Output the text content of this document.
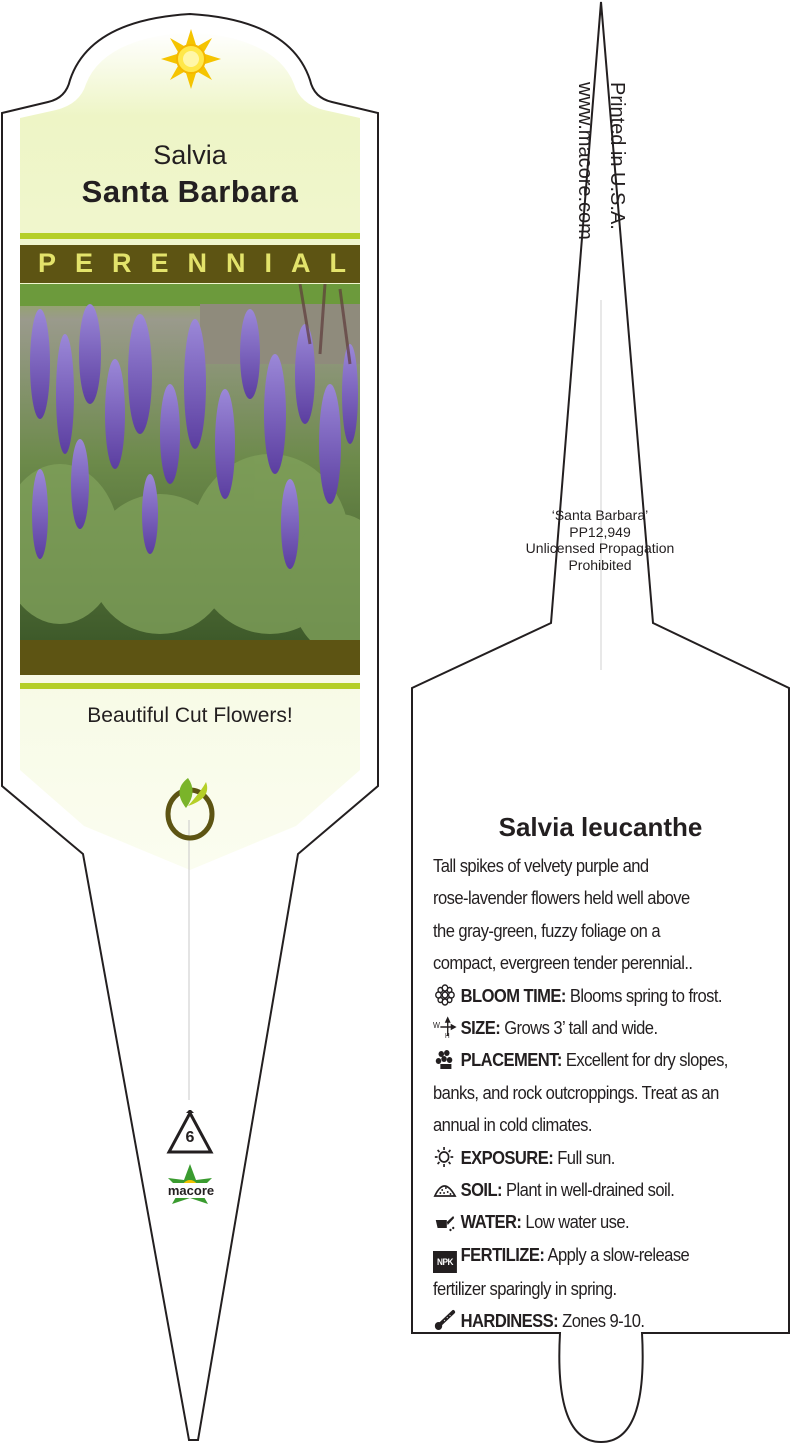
Salvia
Santa Barbara
PERENNIAL
Beautiful Cut Flowers!
6
macore
Printed in U.S.A.
www.macore.com
‘Santa Barbara’
PP12,949
Unlicensed Propagation
Prohibited
Salvia leucanthe
Tall spikes of velvety purple and
rose-lavender flowers held well above
the gray-green, fuzzy foliage on a
compact, evergreen tender perennial..
BLOOM TIME: Blooms spring to frost.
W
H SIZE: Grows 3’ tall and wide.
PLACEMENT: Excellent for dry slopes,
banks, and rock outcroppings. Treat as an
annual in cold climates.
EXPOSURE: Full sun.
SOIL: Plant in well-drained soil.
WATER: Low water use.
NPK FERTILIZE: Apply a slow-release
fertilizer sparingly in spring.
HARDINESS: Zones 9-10.
